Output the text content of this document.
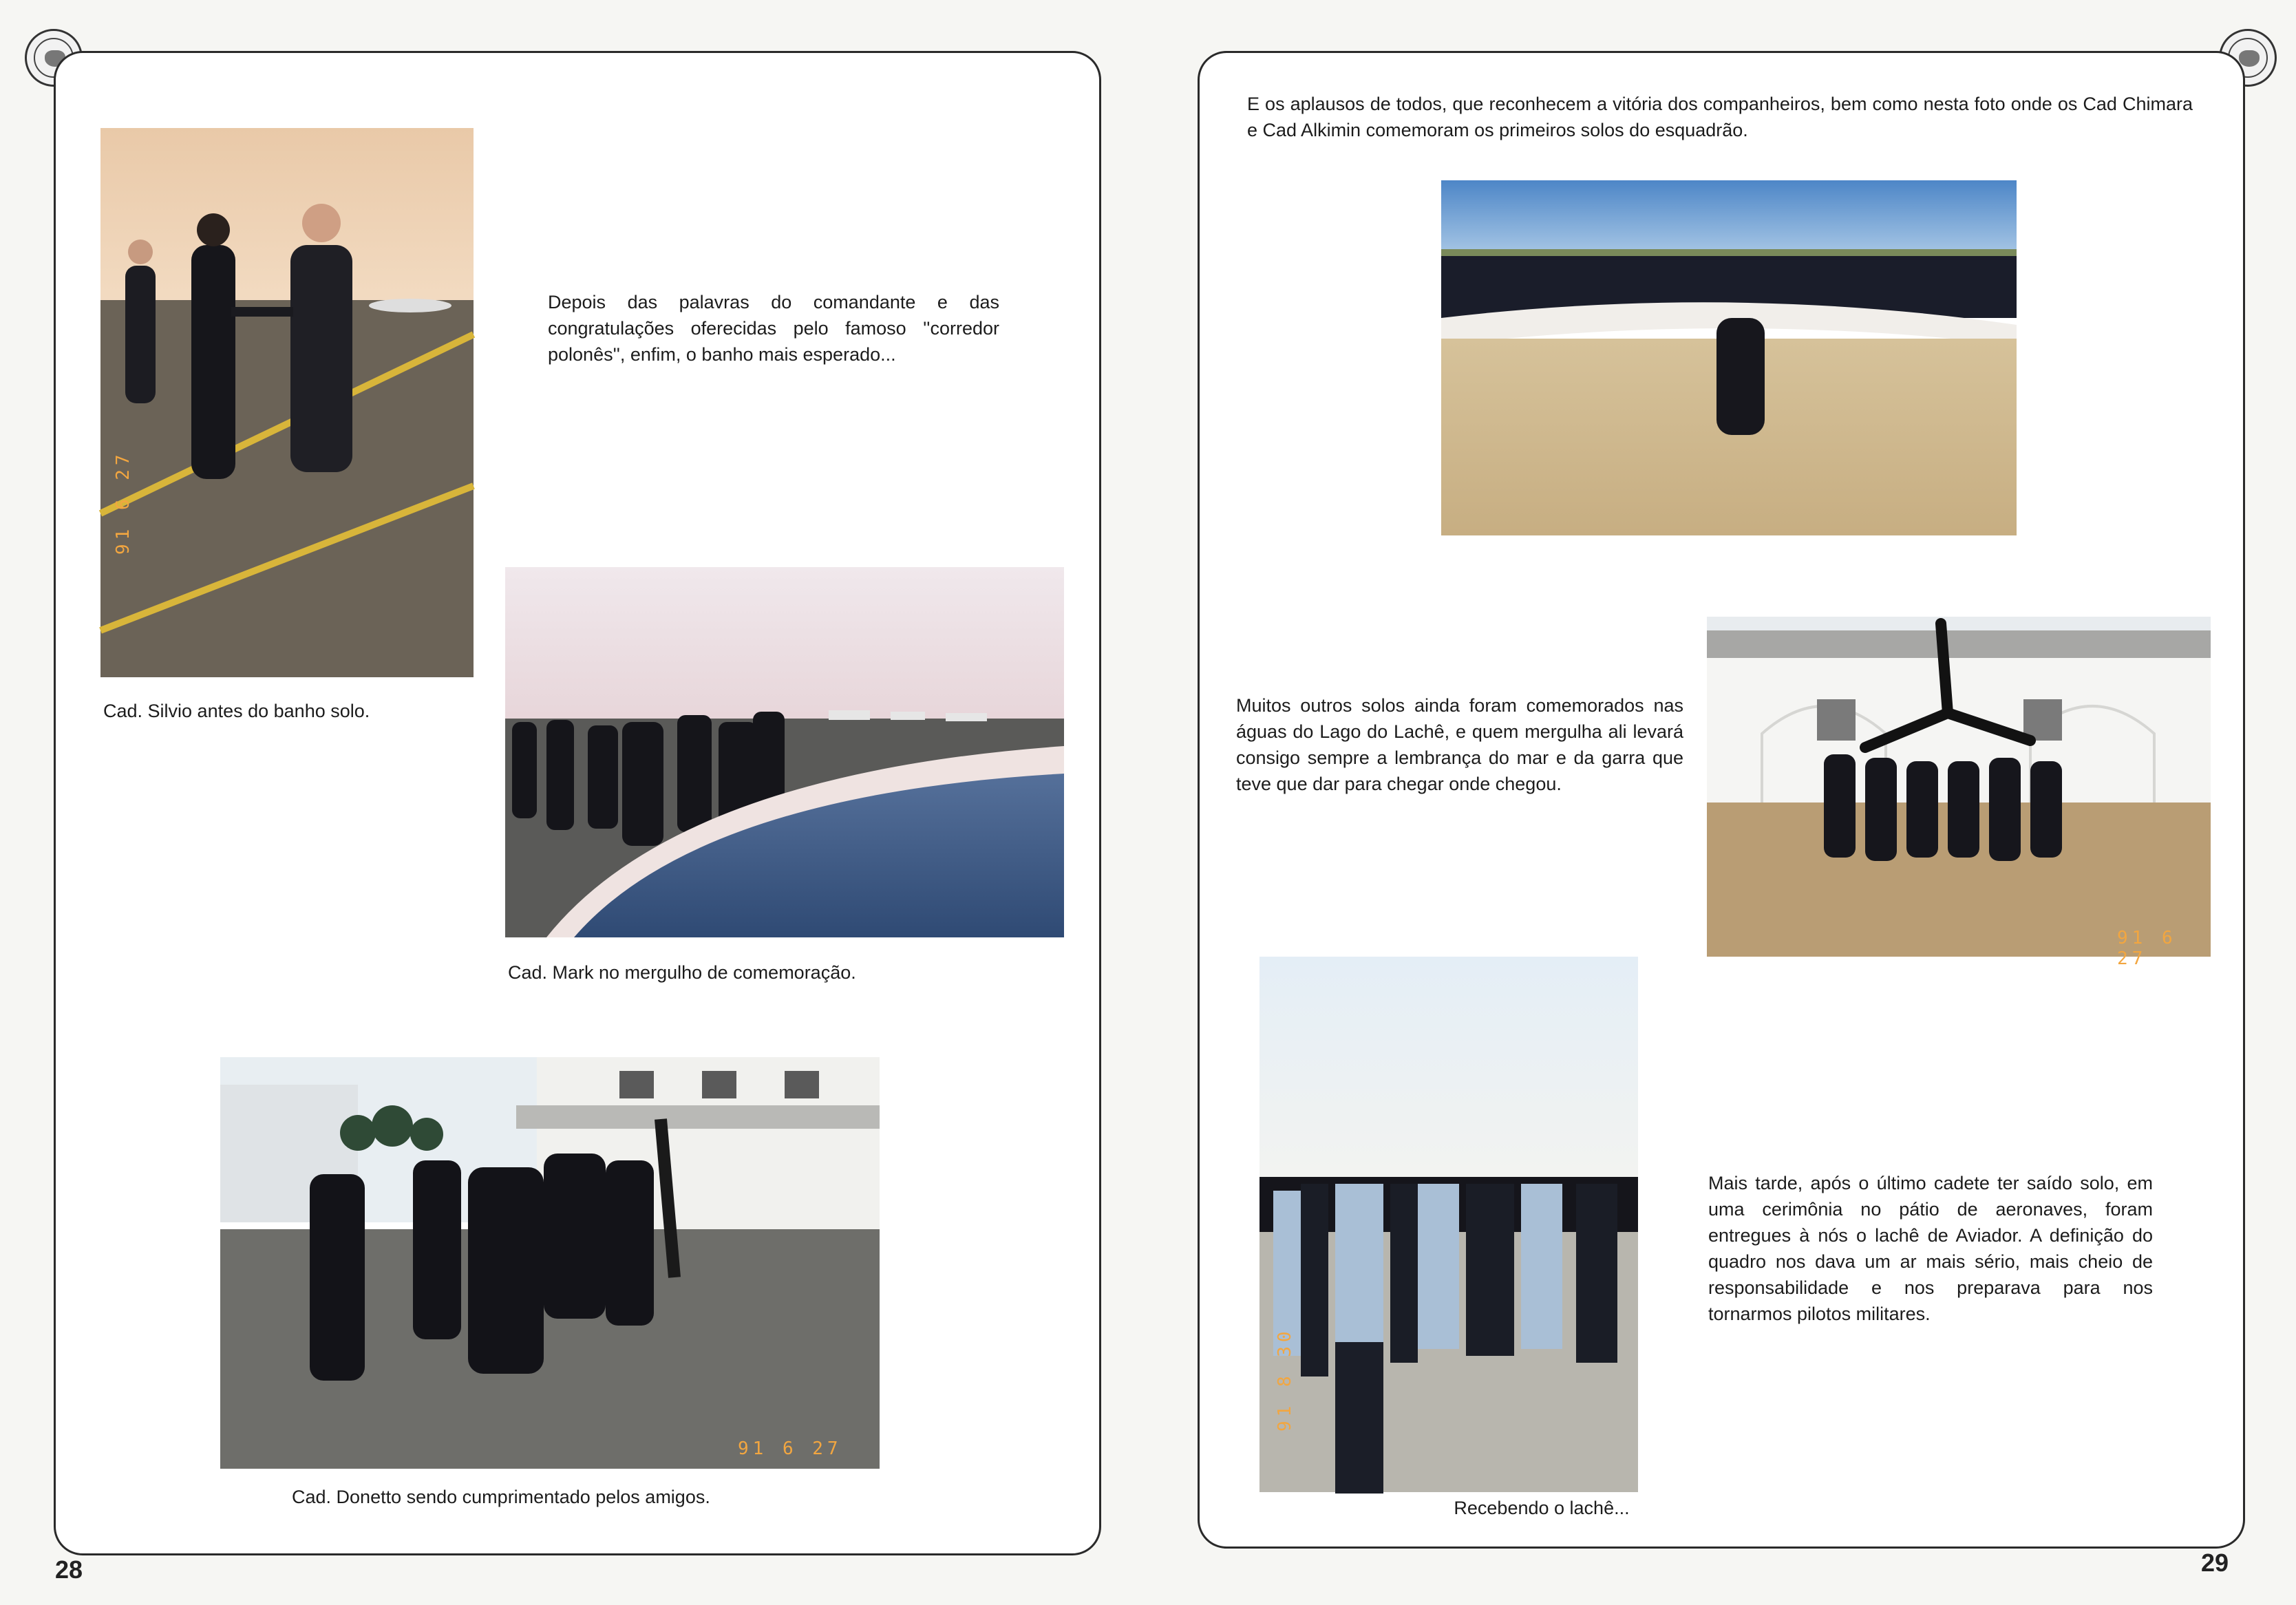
91 6 27
Depois das palavras do comandante e das congratulações oferecidas pelo famoso ''corredor polonês'', enfim, o banho mais esperado...
Cad. Silvio antes do banho solo.
Cad. Mark no mergulho de comemoração.
91 6 27
Cad. Donetto sendo cumprimentado pelos amigos.
28
E os aplausos de todos, que reconhecem a vitória dos companheiros, bem como nesta foto onde os Cad Chimara e Cad Alkimin comemoram os primeiros solos do esquadrão.
Muitos outros solos ainda foram comemorados nas águas do Lago do Lachê, e quem mergulha ali levará consigo sempre a lembrança do mar e da garra que teve que dar para chegar onde chegou.
91 6 27
91 8 30
Mais tarde, após o último cadete ter saído solo, em uma cerimônia no pátio de aeronaves, foram entregues à nós o lachê de Aviador. A definição do quadro nos dava um ar mais sério, mais cheio de responsabilidade e nos preparava para nos tornarmos pilotos militares.
Recebendo o lachê...
29
